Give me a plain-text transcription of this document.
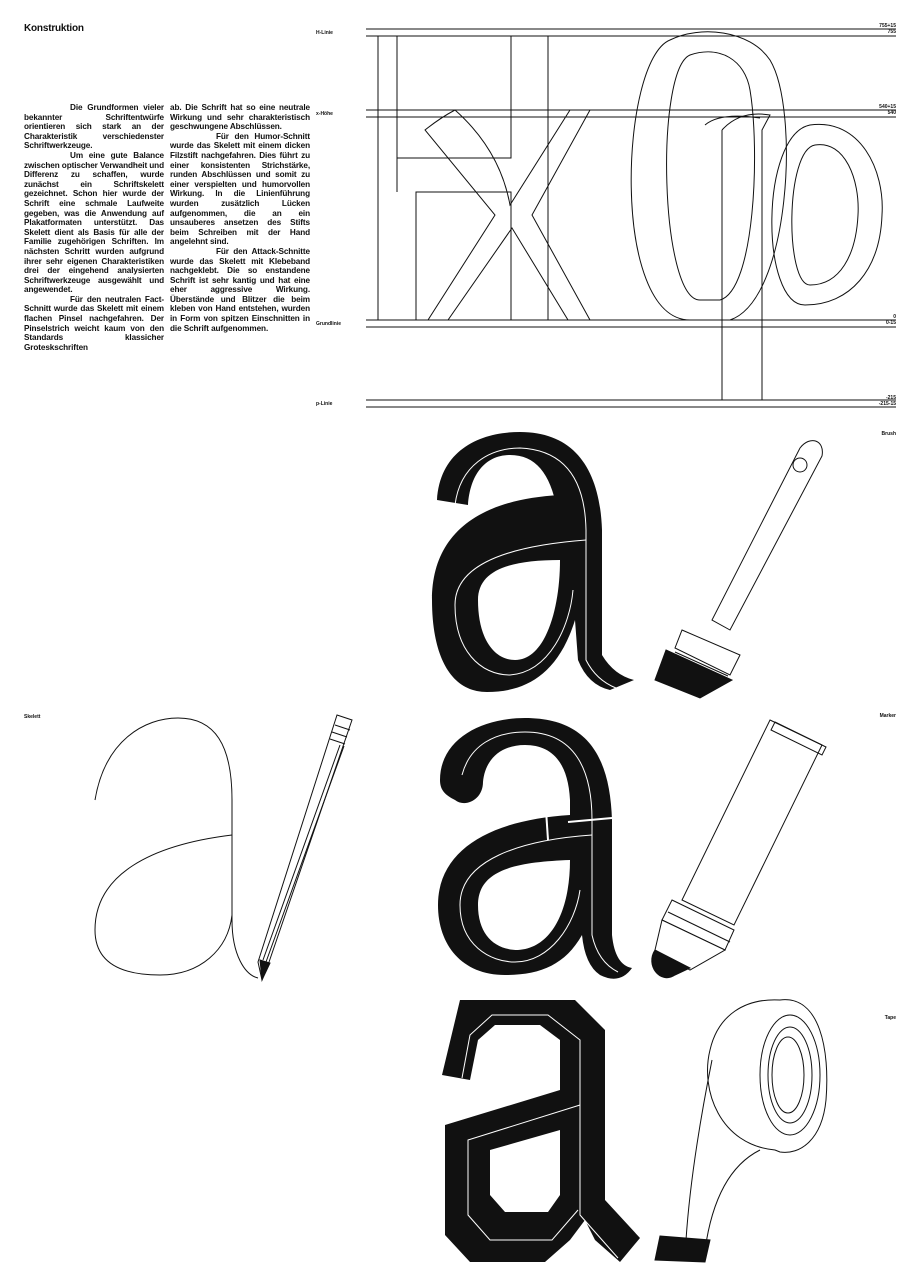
Konstruktion

Die Grundformen vieler bekannter Schriftentwürfe orientieren sich stark an der Charakteristik verschiedenster Schriftwerkzeuge.

Um eine gute Balance zwischen optischer Verwandheit und Differenz zu schaffen, wurde zunächst ein Schriftskelett gezeichnet. Schon hier wurde der Schrift eine schmale Laufweite gegeben, was die Anwendung auf Plakatformaten unterstützt. Das Skelett dient als Basis für alle der Familie zugehörigen Schriften. Im nächsten Schritt wurden aufgrund ihrer sehr eigenen Charakteristiken drei der eingehend analysierten Schriftwerkzeuge ausgewählt und angewendet.

Für den neutralen Fact-Schnitt wurde das Skelett mit einem flachen Pinsel nachgefahren. Der Pinselstrich weicht kaum von den Standards klassicher Groteskschriften

ab. Die Schrift hat so eine neutrale Wirkung und sehr charakteristisch geschwungene Abschlüssen.

Für den Humor-Schnitt wurde das Skelett mit einem dicken Filzstift nachgefahren. Dies führt zu einer konsistenten Strichstärke, runden Abschlüssen und somit zu einer verspielten und humorvollen Wirkung. In die Linienführung wurden zusätzlich Lücken aufgenommen, die an ein unsauberes ansetzen des Stifts beim Schreiben mit der Hand angelehnt sind.

Für den Attack-Schnitte wurde das Skelett mit Klebeband nachgeklebt. Die so enstandene Schrift ist sehr kantig und hat eine eher aggressive Wirkung. Überstände und Blitzer die beim kleben von Hand entstehen, wurden in Form von spitzen Einschnitten in die Schrift aufgenommen.

H-Linie
x-Höhe
Grundlinie
p-Linie
755+15
755
540+15
540
0
0-15
-215
-215-15
Brush
Skelett	Marker
Tape
